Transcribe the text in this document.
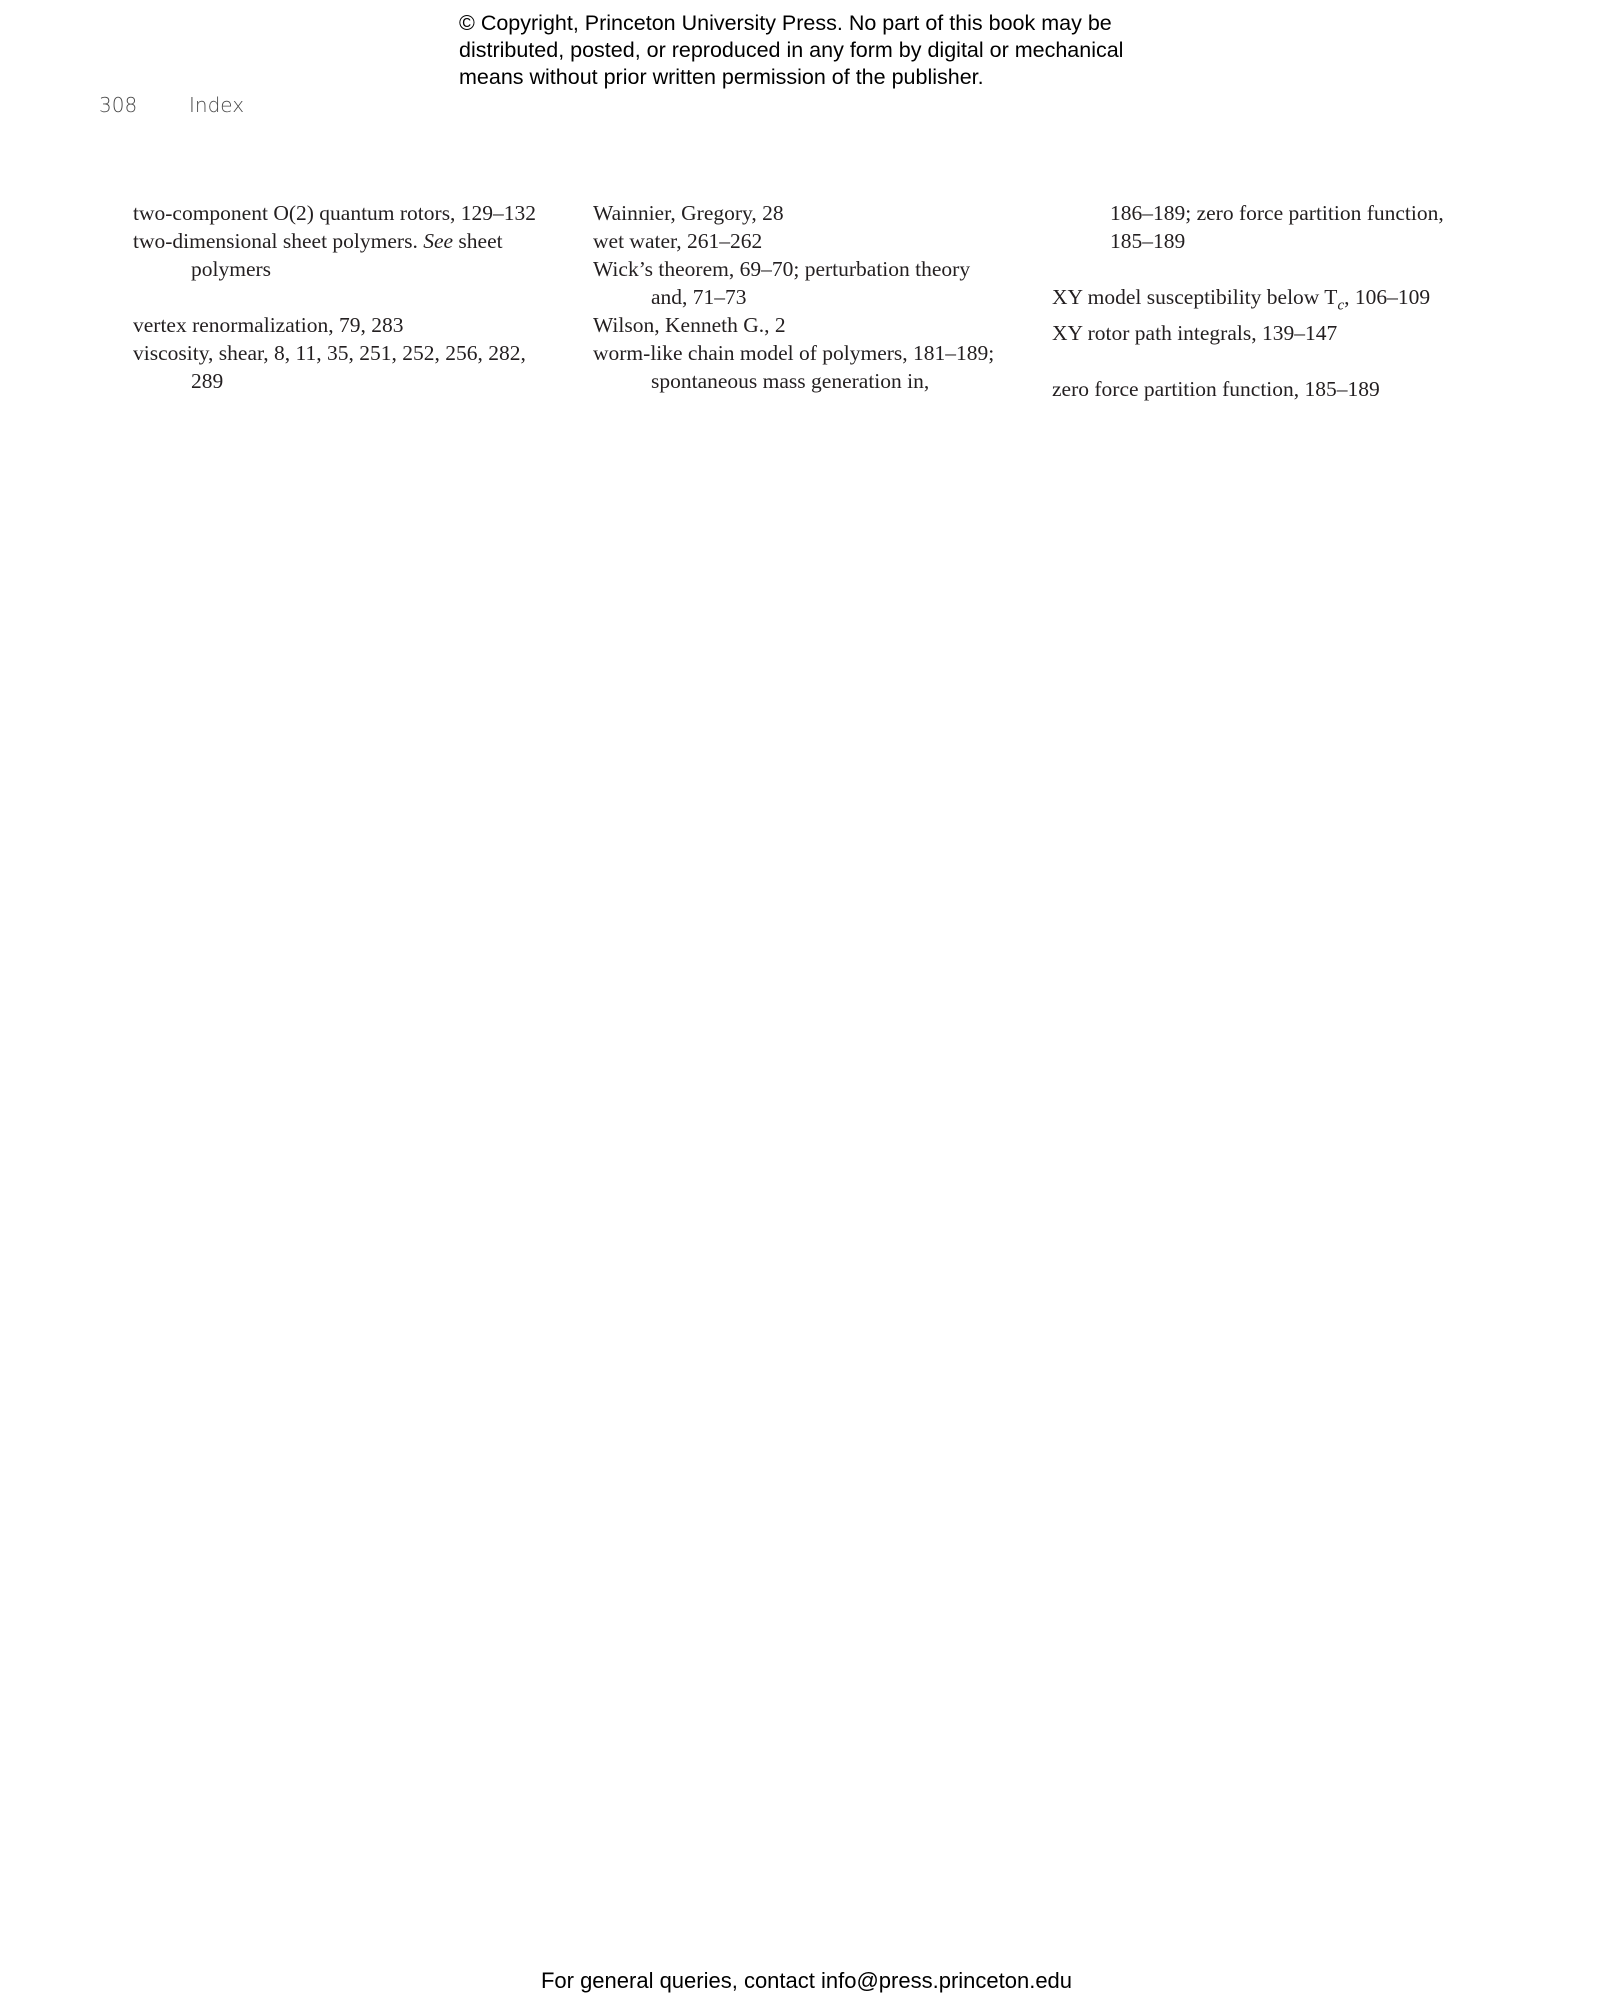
© Copyright, Princeton University Press. No part of this book may be
distributed, posted, or reproduced in any form by digital or mechanical
means without prior written permission of the publisher.
308	Index
two-component O(2) quantum rotors, 129–132
two-dimensional sheet polymers. See sheet
polymers
vertex renormalization, 79, 283
viscosity, shear, 8, 11, 35, 251, 252, 256, 282,
289
Wainnier, Gregory, 28
wet water, 261–262
Wick’s theorem, 69–70; perturbation theory
and, 71–73
Wilson, Kenneth G., 2
worm-like chain model of polymers, 181–189;
spontaneous mass generation in,
186–189; zero force partition function,
185–189
XY model susceptibility below $T_c$, 106–109
XY rotor path integrals, 139–147
zero force partition function, 185–189
For general queries, contact info@press.princeton.edu
